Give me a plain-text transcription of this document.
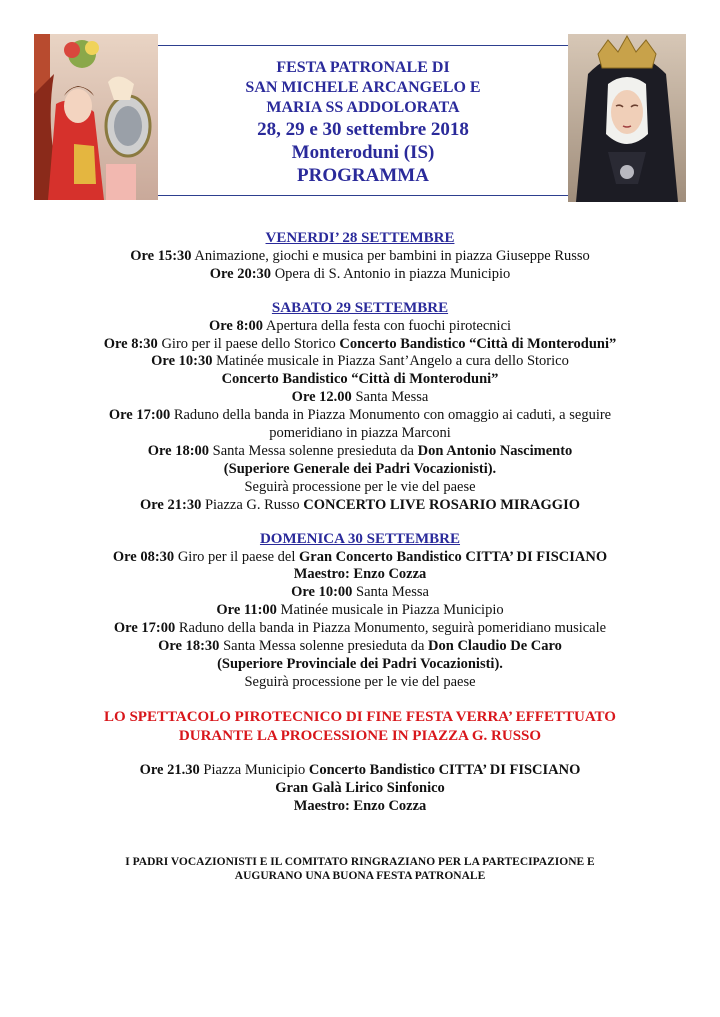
FESTA PATRONALE DI
SAN MICHELE ARCANGELO E
MARIA SS ADDOLORATA
28, 29 e 30 settembre 2018
Monteroduni (IS)
PROGRAMMA
VENERDI’ 28 SETTEMBRE
Ore 15:30 Animazione, giochi e musica per bambini in piazza Giuseppe Russo
Ore 20:30 Opera di S. Antonio in piazza Municipio
SABATO 29 SETTEMBRE
Ore 8:00 Apertura della festa con fuochi pirotecnici
Ore 8:30 Giro per il paese dello Storico Concerto Bandistico “Città di Monteroduni”
Ore 10:30 Matinée musicale in Piazza Sant’Angelo a cura dello Storico
Concerto Bandistico “Città di Monteroduni”
Ore 12.00 Santa Messa
Ore 17:00 Raduno della banda in Piazza Monumento con omaggio ai caduti, a seguire
pomeridiano in piazza Marconi
Ore 18:00 Santa Messa solenne presieduta da Don Antonio Nascimento
(Superiore Generale dei Padri Vocazionisti).
Seguirà processione per le vie del paese
Ore 21:30 Piazza G. Russo CONCERTO LIVE ROSARIO MIRAGGIO
DOMENICA 30 SETTEMBRE
Ore 08:30 Giro per il paese del Gran Concerto Bandistico CITTA’ DI FISCIANO
Maestro: Enzo Cozza
Ore 10:00 Santa Messa
Ore 11:00 Matinée musicale in Piazza Municipio
Ore 17:00 Raduno della banda in Piazza Monumento, seguirà pomeridiano musicale
Ore 18:30 Santa Messa solenne presieduta da Don Claudio De Caro
(Superiore Provinciale dei Padri Vocazionisti).
Seguirà processione per le vie del paese
LO SPETTACOLO PIROTECNICO DI FINE FESTA VERRA’ EFFETTUATO
DURANTE LA PROCESSIONE IN PIAZZA G. RUSSO
Ore 21.30 Piazza Municipio Concerto Bandistico CITTA’ DI FISCIANO
Gran Galà Lirico Sinfonico
Maestro: Enzo Cozza
I PADRI VOCAZIONISTI E IL COMITATO RINGRAZIANO PER LA PARTECIPAZIONE E
AUGURANO UNA BUONA FESTA PATRONALE
